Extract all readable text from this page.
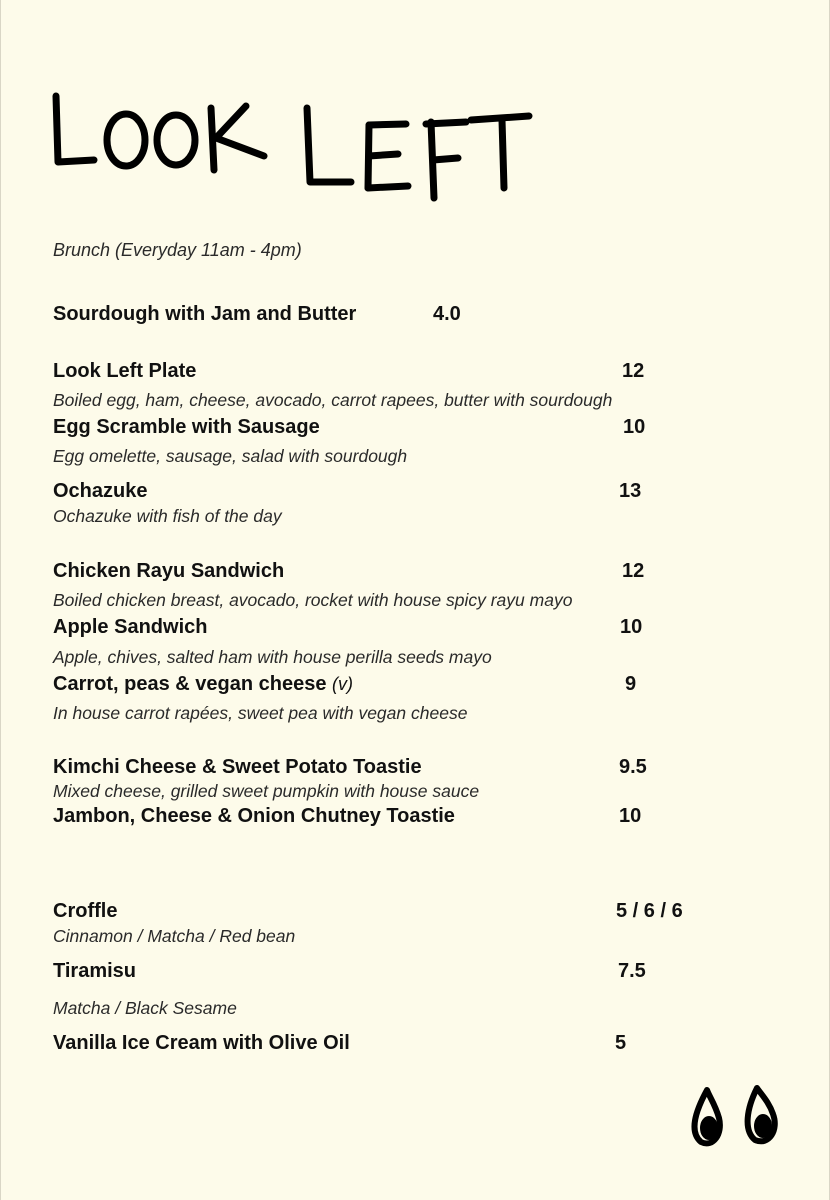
Brunch (Everyday 11am - 4pm)
Sourdough with Jam and Butter	4.0
Look Left Plate	12
Boiled egg, ham, cheese, avocado, carrot rapees, butter with sourdough
Egg Scramble with Sausage	10
Egg omelette, sausage, salad with sourdough
Ochazuke	13
Ochazuke with fish of the day
Chicken Rayu Sandwich	12
Boiled chicken breast, avocado, rocket with house spicy rayu mayo
Apple Sandwich	10
Apple, chives, salted ham with house perilla seeds mayo
Carrot, peas & vegan cheese (v)	9
In house carrot rapées, sweet pea with vegan cheese
Kimchi Cheese & Sweet Potato Toastie	9.5
Mixed cheese, grilled sweet pumpkin with house sauce
Jambon, Cheese & Onion Chutney Toastie	10
Croffle	5 / 6 / 6
Cinnamon / Matcha / Red bean
Tiramisu	7.5
Matcha / Black Sesame
Vanilla Ice Cream with Olive Oil	5
